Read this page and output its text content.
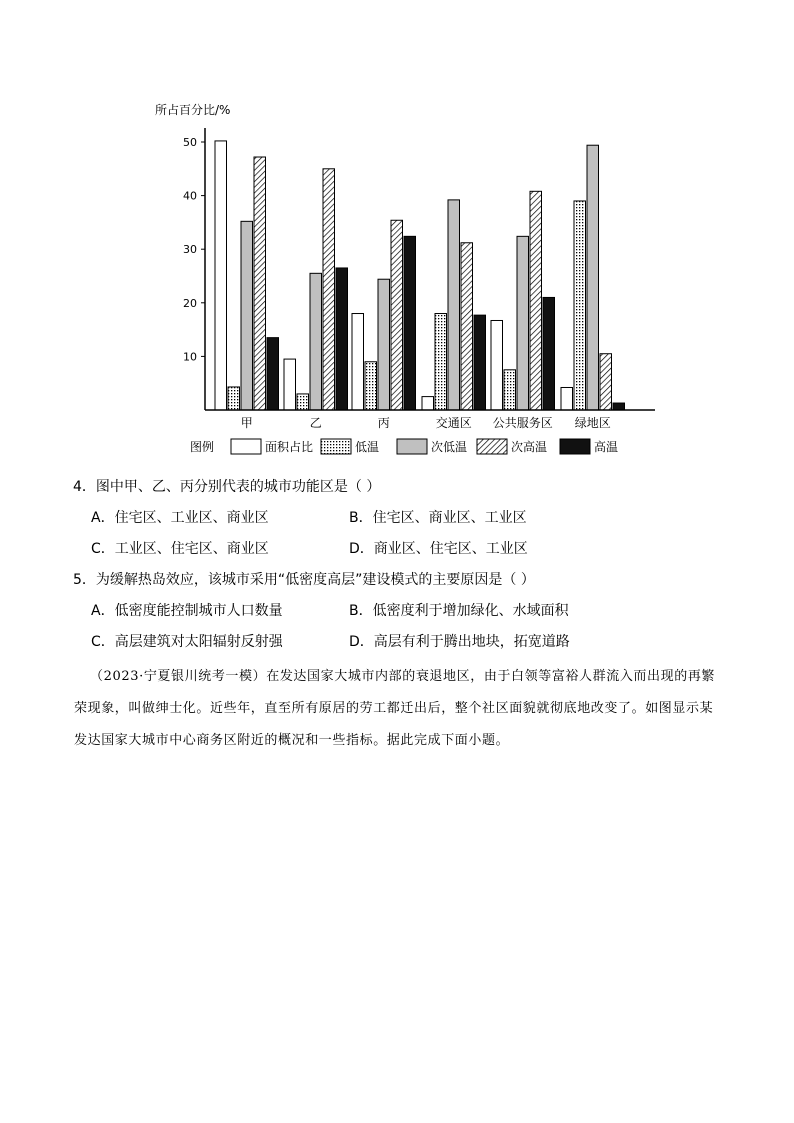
所占百分比/%
10
20
30
40
50
甲	乙	丙	交通区 公共服务区 绿地区
图例	面积占比	低温	次低温	次高温	高温
4．图中甲、乙、丙分别代表的城市功能区是（ ）
A．住宅区、工业区、商业区	B．住宅区、商业区、工业区
C．工业区、住宅区、商业区	D．商业区、住宅区、工业区
5．为缓解热岛效应，该城市采用“低密度高层”建设模式的主要原因是（ ）
A．低密度能控制城市人口数量	B．低密度利于增加绿化、水域面积
C．高层建筑对太阳辐射反射强	D．高层有利于腾出地块，拓宽道路
（2023·宁夏银川统考一模）在发达国家大城市内部的衰退地区，由于白领等富裕人群流入而出现的再繁荣现象，叫做绅士化。近些年，直至所有原居的劳工都迁出后，整个社区面貌就彻底地改变了。如图显示某发达国家大城市中心商务区附近的概况和一些指标。据此完成下面小题。
